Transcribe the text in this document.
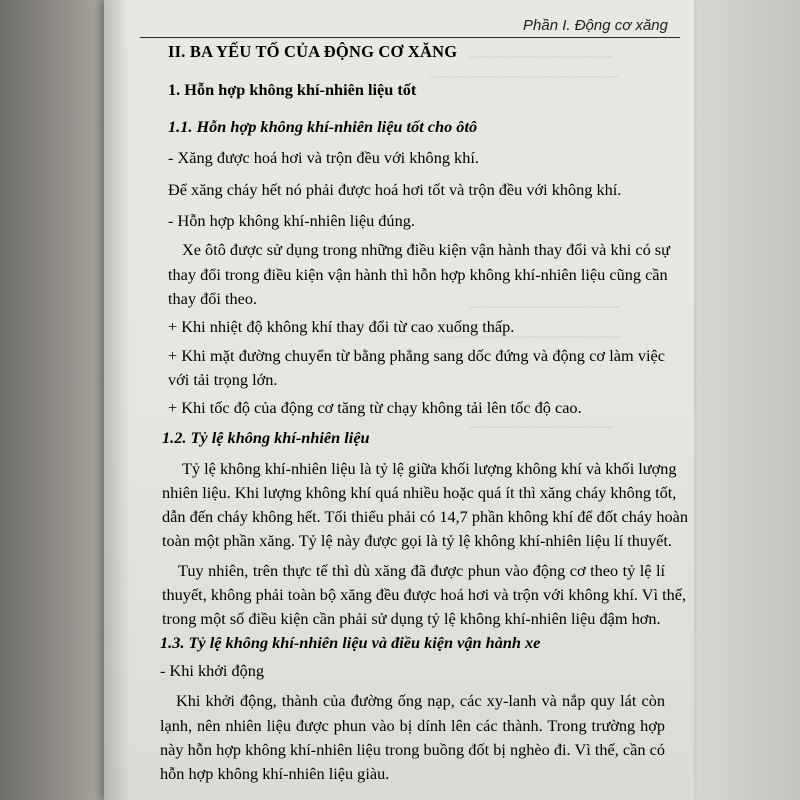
~~~~~~~~~~~~~~~~~~~~~~
~~~~~~~~~~~~~~~~~~~~~~~~~~~~~
~~~~~~~~~~~~~~~~~~~~~~~
~~~~~~~~~~~~~~~~~~~~~~~~~~~~
~~~~~~~~~~~~~~~~~~~~~~
Phần I. Động cơ xăng
II. BA YẾU TỐ CỦA ĐỘNG CƠ XĂNG
1. Hỗn hợp không khí-nhiên liệu tốt
1.1. Hỗn hợp không khí-nhiên liệu tốt cho ôtô
- Xăng được hoá hơi và trộn đều với không khí.
Để xăng cháy hết nó phải được hoá hơi tốt và trộn đều với không khí.
- Hỗn hợp không khí-nhiên liệu đúng.
Xe ôtô được sử dụng trong những điều kiện vận hành thay đổi và khi có sự
thay đổi trong điều kiện vận hành thì hỗn hợp không khí-nhiên liệu cũng cần
thay đổi theo.
+ Khi nhiệt độ không khí thay đổi từ cao xuống thấp.
+ Khi mặt đường chuyển từ bằng phẳng sang dốc đứng và động cơ làm việc
với tải trọng lớn.
+ Khi tốc độ của động cơ tăng từ chạy không tải lên tốc độ cao.
1.2. Tỷ lệ không khí-nhiên liệu
Tỷ lệ không khí-nhiên liệu là tỷ lệ giữa khối lượng không khí và khối lượng
nhiên liệu. Khi lượng không khí quá nhiều hoặc quá ít thì xăng cháy không tốt,
dẫn đến cháy không hết. Tối thiểu phải có 14,7 phần không khí để đốt cháy hoàn
toàn một phần xăng. Tỷ lệ này được gọi là tỷ lệ không khí-nhiên liệu lí thuyết.
Tuy nhiên, trên thực tế thì dù xăng đã được phun vào động cơ theo tỷ lệ lí
thuyết, không phải toàn bộ xăng đều được hoá hơi và trộn với không khí. Vì thế,
trong một số điều kiện cần phải sử dụng tỷ lệ không khí-nhiên liệu đậm hơn.
1.3. Tỷ lệ không khí-nhiên liệu và điều kiện vận hành xe
- Khi khởi động
Khi khởi động, thành của đường ống nạp, các xy-lanh và nắp quy lát còn
lạnh, nên nhiên liệu được phun vào bị dính lên các thành. Trong trường hợp
này hỗn hợp không khí-nhiên liệu trong buồng đốt bị nghèo đi. Vì thế, cần có
hỗn hợp không khí-nhiên liệu giàu.
